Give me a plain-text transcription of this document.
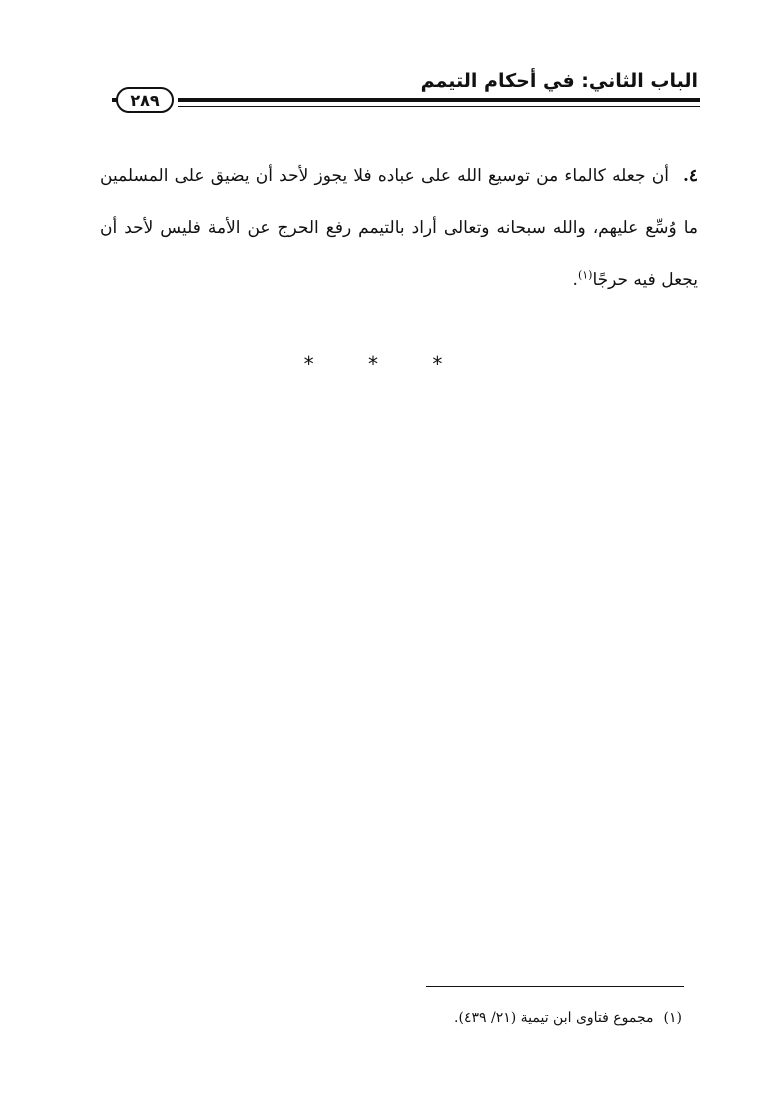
الباب الثاني: في أحكام التيمم
٢٨٩
٤.أن جعله كالماء من توسيع الله على عباده فلا يجوز لأحد أن يضيق على المسلمين ما وُسِّع عليهم، والله سبحانه وتعالى أراد بالتيمم رفع الحرج عن الأمة فليس لأحد أن يجعل فيه حرجًا$^{(١)}$.
* * *
(١)مجموع فتاوى ابن تيمية (٢١/ ٤٣٩).
